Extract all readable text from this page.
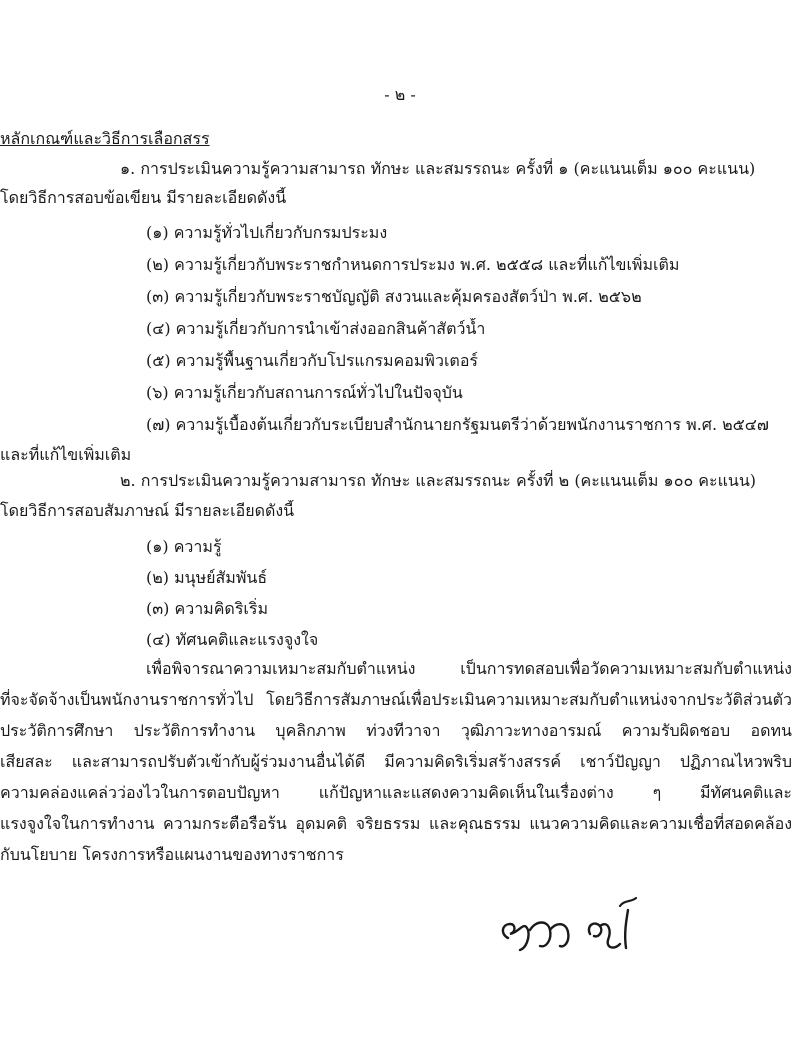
- ๒ -
หลักเกณฑ์และวิธีการเลือกสรร
๑. การประเมินความรู้ความสามารถ ทักษะ และสมรรถนะ ครั้งที่ ๑ (คะแนนเต็ม ๑๐๐ คะแนน)
โดยวิธีการสอบข้อเขียน มีรายละเอียดดังนี้
(๑) ความรู้ทั่วไปเกี่ยวกับกรมประมง
(๒) ความรู้เกี่ยวกับพระราชกำหนดการประมง พ.ศ. ๒๕๕๘ และที่แก้ไขเพิ่มเติม
(๓) ความรู้เกี่ยวกับพระราชบัญญัติ สงวนและคุ้มครองสัตว์ป่า พ.ศ. ๒๕๖๒
(๔) ความรู้เกี่ยวกับการนำเข้าส่งออกสินค้าสัตว์น้ำ
(๕) ความรู้พื้นฐานเกี่ยวกับโปรแกรมคอมพิวเตอร์
(๖) ความรู้เกี่ยวกับสถานการณ์ทั่วไปในปัจจุบัน
(๗) ความรู้เบื้องต้นเกี่ยวกับระเบียบสำนักนายกรัฐมนตรีว่าด้วยพนักงานราชการ พ.ศ. ๒๕๔๗
และที่แก้ไขเพิ่มเติม
๒. การประเมินความรู้ความสามารถ ทักษะ และสมรรถนะ ครั้งที่ ๒ (คะแนนเต็ม ๑๐๐ คะแนน)
โดยวิธีการสอบสัมภาษณ์ มีรายละเอียดดังนี้
(๑) ความรู้
(๒) มนุษย์สัมพันธ์
(๓) ความคิดริเริ่ม
(๔) ทัศนคติและแรงจูงใจ
เพื่อพิจารณาความเหมาะสมกับตำแหน่ง เป็นการทดสอบเพื่อวัดความเหมาะสมกับตำแหน่ง
ที่จะจัดจ้างเป็นพนักงานราชการทั่วไป โดยวิธีการสัมภาษณ์เพื่อประเมินความเหมาะสมกับตำแหน่งจากประวัติส่วนตัว
ประวัติการศึกษา ประวัติการทำงาน บุคลิกภาพ ท่วงทีวาจา วุฒิภาวะทางอารมณ์ ความรับผิดชอบ อดทน
เสียสละ และสามารถปรับตัวเข้ากับผู้ร่วมงานอื่นได้ดี มีความคิดริเริ่มสร้างสรรค์ เชาว์ปัญญา ปฏิภาณไหวพริบ
ความคล่องแคล่วว่องไวในการตอบปัญหา แก้ปัญหาและแสดงความคิดเห็นในเรื่องต่าง ๆ มีทัศนคติและ
แรงจูงใจในการทำงาน ความกระตือรือร้น อุดมคติ จริยธรรม และคุณธรรม แนวความคิดและความเชื่อที่สอดคล้อง
กับนโยบาย โครงการหรือแผนงานของทางราชการ
